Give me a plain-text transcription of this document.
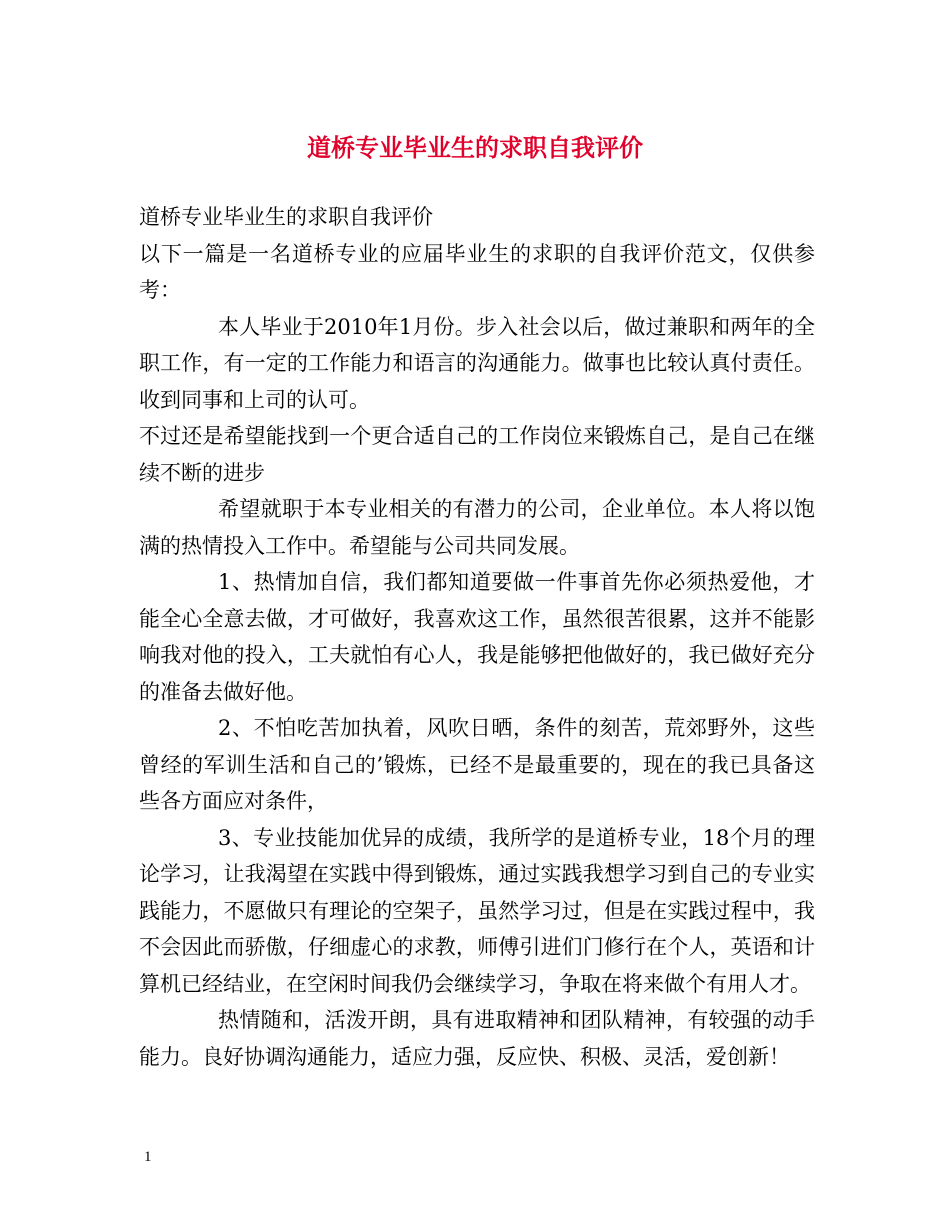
道桥专业毕业生的求职自我评价

道桥专业毕业生的求职自我评价

以下一篇是一名道桥专业的应届毕业生的求职的自我评价范文，仅供参考：

本人毕业于2010年1月份。步入社会以后，做过兼职和两年的全职工作，有一定的工作能力和语言的沟通能力。做事也比较认真付责任。收到同事和上司的认可。

不过还是希望能找到一个更合适自己的工作岗位来锻炼自己，是自己在继续不断的进步

希望就职于本专业相关的有潜力的公司，企业单位。本人将以饱满的热情投入工作中。希望能与公司共同发展。

1、热情加自信，我们都知道要做一件事首先你必须热爱他，才能全心全意去做，才可做好，我喜欢这工作，虽然很苦很累，这并不能影响我对他的投入，工夫就怕有心人，我是能够把他做好的，我已做好充分的准备去做好他。

2、不怕吃苦加执着，风吹日晒，条件的刻苦，荒郊野外，这些曾经的军训生活和自己的’锻炼，已经不是最重要的，现在的我已具备这些各方面应对条件，

3、专业技能加优异的成绩，我所学的是道桥专业，18个月的理论学习，让我渴望在实践中得到锻炼，通过实践我想学习到自己的专业实践能力，不愿做只有理论的空架子，虽然学习过，但是在实践过程中，我不会因此而骄傲，仔细虚心的求教，师傅引进们门修行在个人，英语和计算机已经结业，在空闲时间我仍会继续学习，争取在将来做个有用人才。

热情随和，活泼开朗，具有进取精神和团队精神，有较强的动手能力。良好协调沟通能力，适应力强，反应快、积极、灵活，爱创新！

1
